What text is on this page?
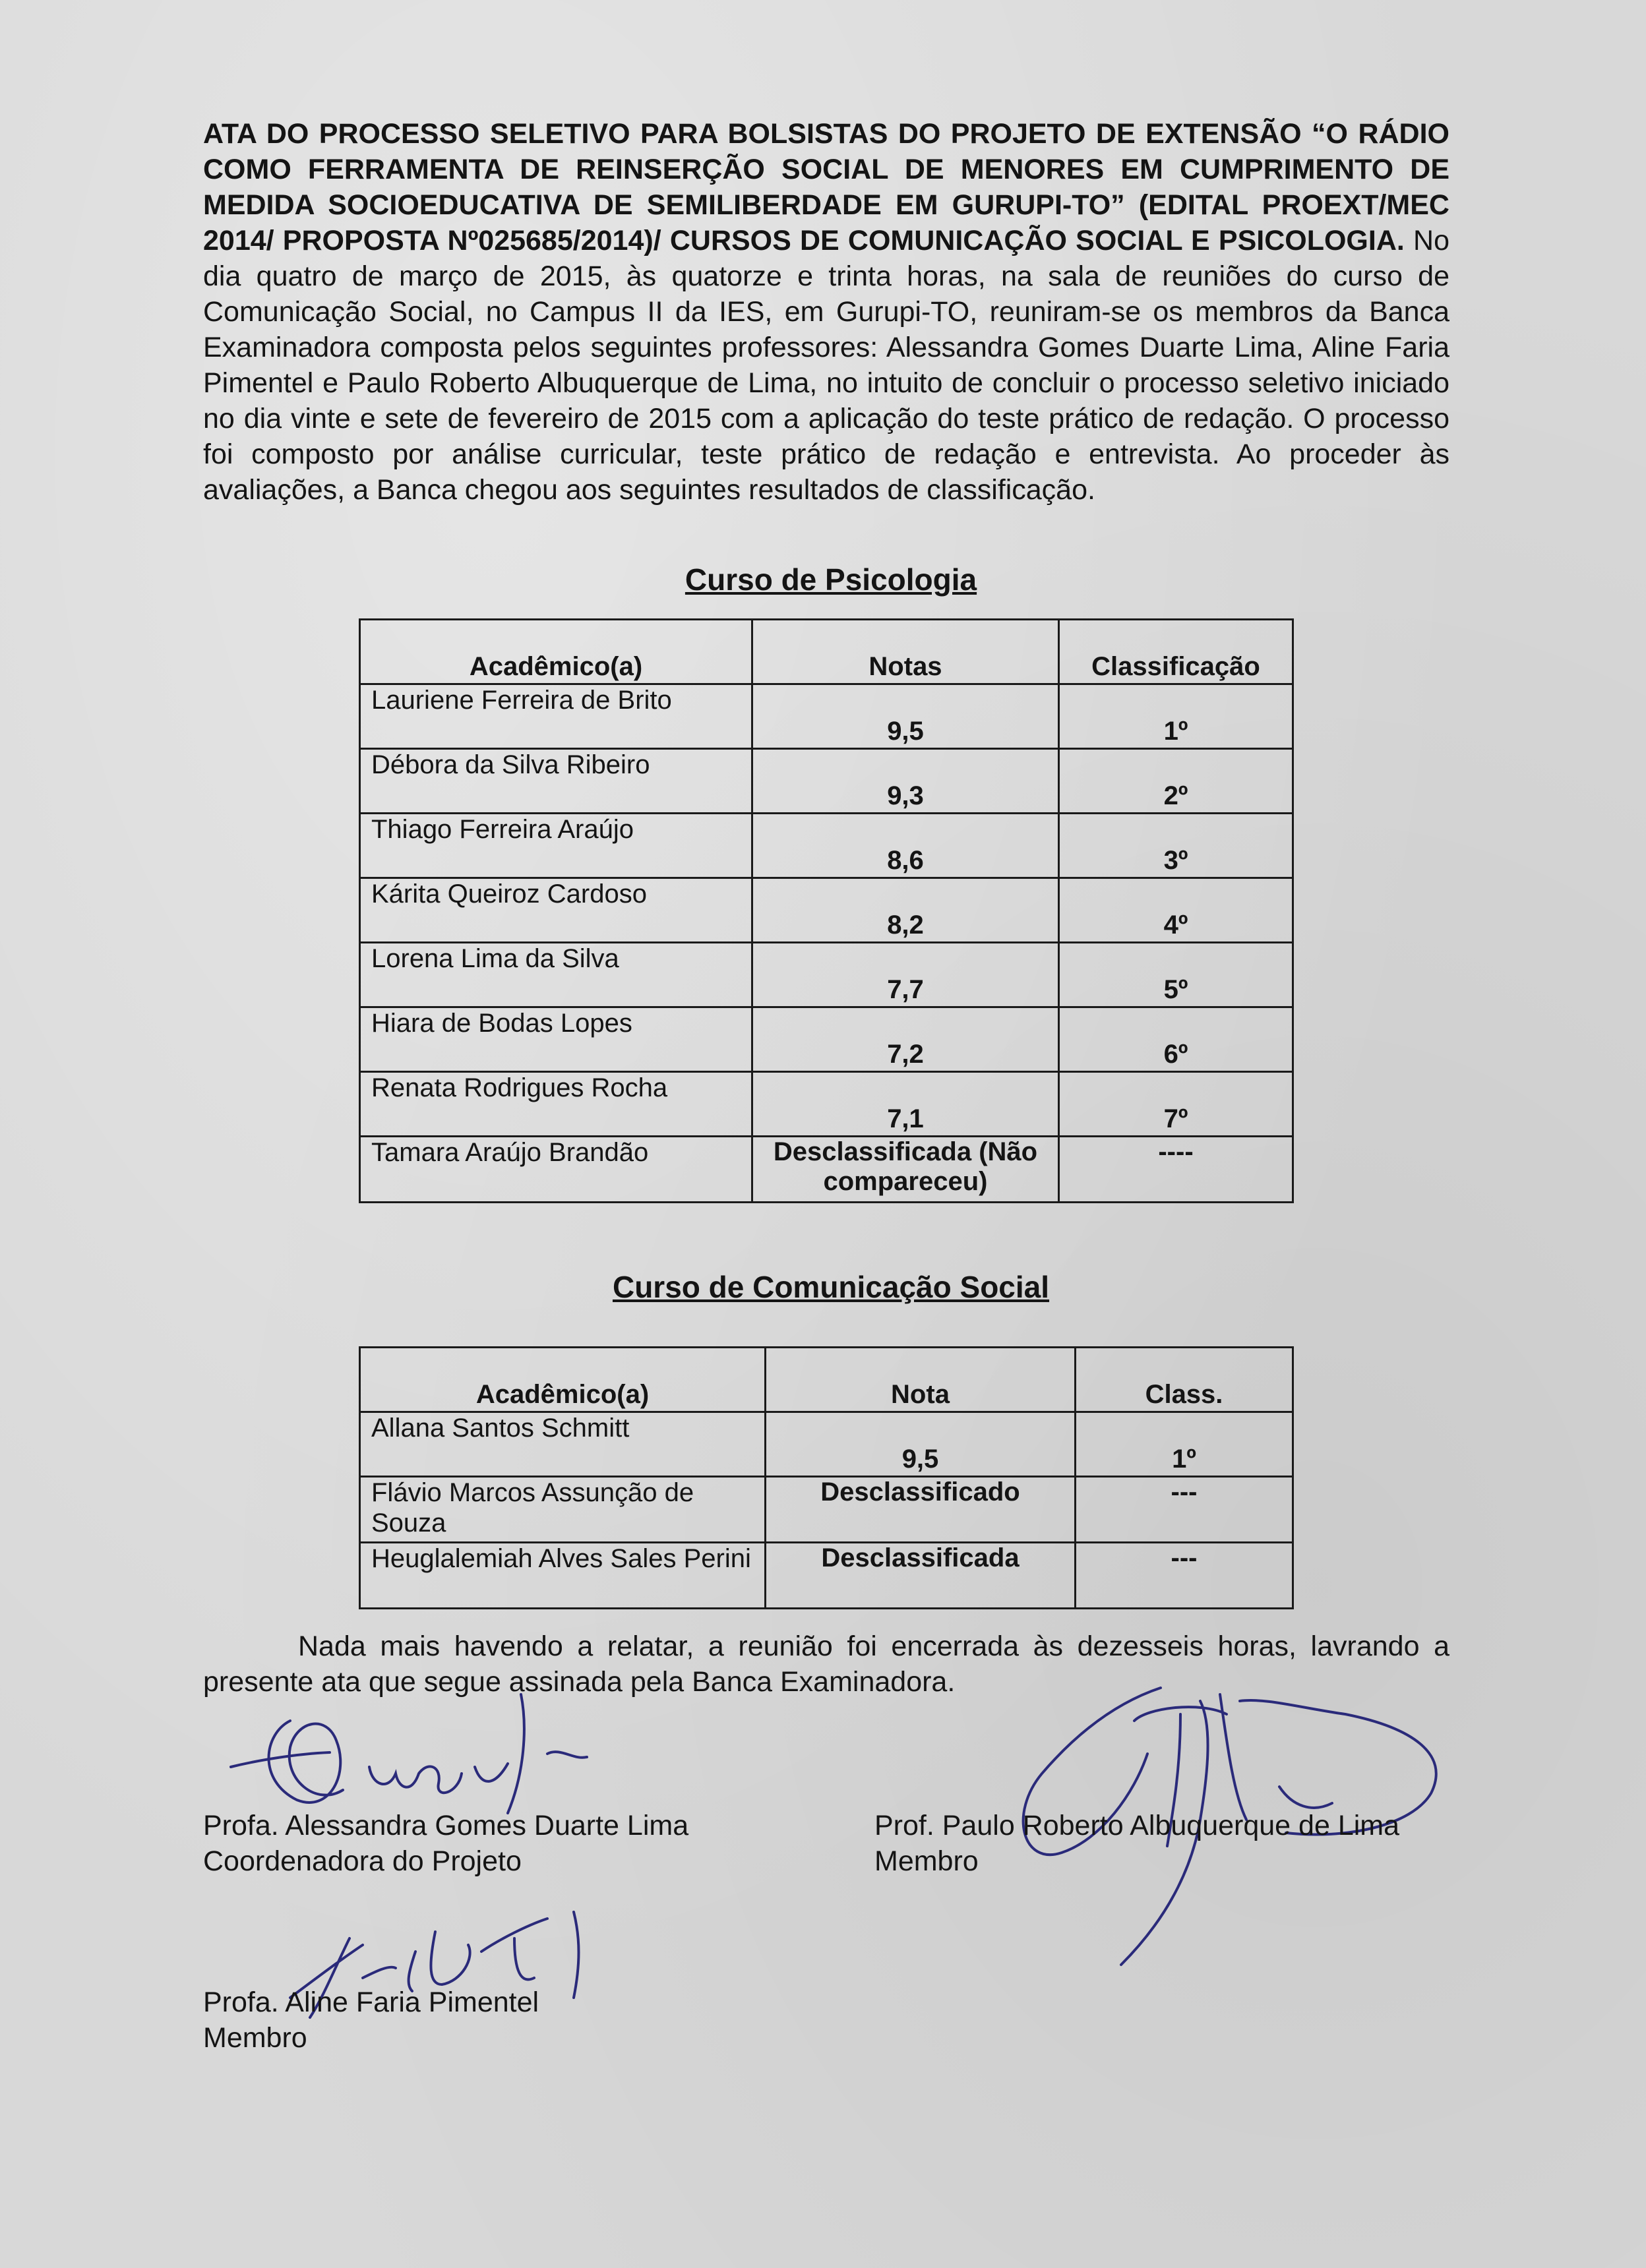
ATA DO PROCESSO SELETIVO PARA BOLSISTAS DO PROJETO DE EXTENSÃO “O RÁDIO COMO FERRAMENTA DE REINSERÇÃO SOCIAL DE MENORES EM CUMPRIMENTO DE MEDIDA SOCIOEDUCATIVA DE SEMILIBERDADE EM GURUPI-TO” (EDITAL PROEXT/MEC 2014/ PROPOSTA Nº025685/2014)/ CURSOS DE COMUNICAÇÃO SOCIAL E PSICOLOGIA. No dia quatro de março de 2015, às quatorze e trinta horas, na sala de reuniões do curso de Comunicação Social, no Campus II da IES, em Gurupi-TO, reuniram-se os membros da Banca Examinadora composta pelos seguintes professores: Alessandra Gomes Duarte Lima, Aline Faria Pimentel e Paulo Roberto Albuquerque de Lima, no intuito de concluir o processo seletivo iniciado no dia vinte e sete de fevereiro de 2015 com a aplicação do teste prático de redação. O processo foi composto por análise curricular, teste prático de redação e entrevista. Ao proceder às avaliações, a Banca chegou aos seguintes resultados de classificação.
Curso de Psicologia
Acadêmico(a)	Notas	Classificação
Lauriene Ferreira de Brito	9,5	1º
Débora da Silva Ribeiro	9,3	2º
Thiago Ferreira Araújo	8,6	3º
Kárita Queiroz Cardoso	8,2	4º
Lorena Lima da Silva	7,7	5º
Hiara de Bodas Lopes	7,2	6º
Renata Rodrigues Rocha	7,1	7º
Tamara Araújo Brandão	Desclassificada (Não compareceu)	----
Curso de Comunicação Social
Acadêmico(a)	Nota	Class.
Allana Santos Schmitt	9,5	1º
Flávio Marcos Assunção de Souza	Desclassificado	---
Heuglalemiah Alves Sales Perini	Desclassificada	---
Nada mais havendo a relatar, a reunião foi encerrada às dezesseis horas, lavrando a presente ata que segue assinada pela Banca Examinadora.
Profa. Alessandra Gomes Duarte Lima
Coordenadora do Projeto
Prof. Paulo Roberto Albuquerque de Lima
Membro
Profa. Aline Faria Pimentel
Membro
